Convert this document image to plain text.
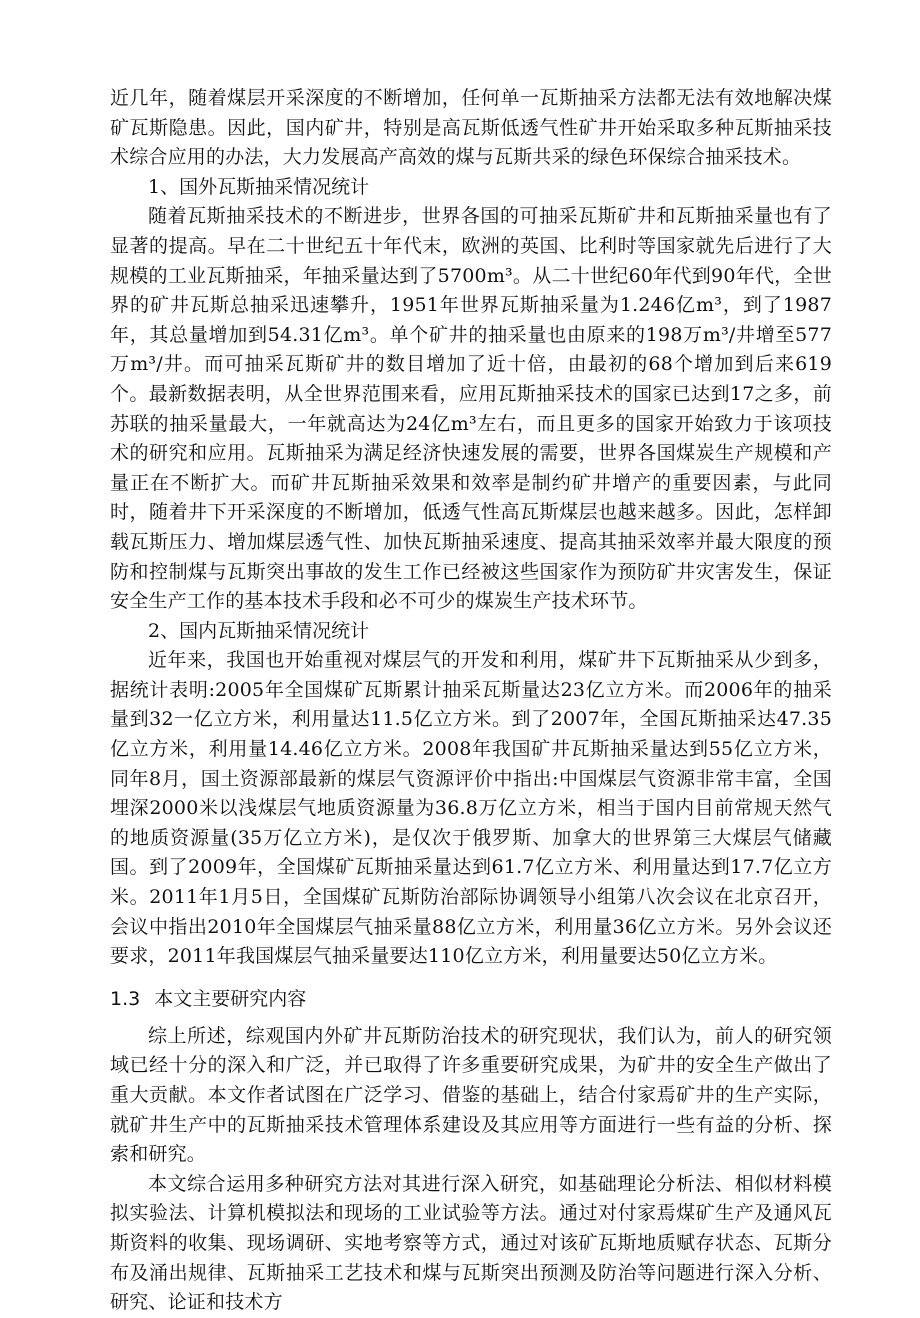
近几年，随着煤层开采深度的不断增加，任何单一瓦斯抽采方法都无法有效地解决煤矿瓦斯隐患。因此，国内矿井，特别是高瓦斯低透气性矿井开始采取多种瓦斯抽采技术综合应用的办法，大力发展高产高效的煤与瓦斯共采的绿色环保综合抽采技术。

1、国外瓦斯抽采情况统计

随着瓦斯抽采技术的不断进步，世界各国的可抽采瓦斯矿井和瓦斯抽采量也有了显著的提高。早在二十世纪五十年代末，欧洲的英国、比利时等国家就先后进行了大规模的工业瓦斯抽采，年抽采量达到了5700m³。从二十世纪60年代到90年代，全世界的矿井瓦斯总抽采迅速攀升，1951年世界瓦斯抽采量为1.246亿m³，到了1987年，其总量增加到54.31亿m³。单个矿井的抽采量也由原来的198万m³/井增至577万m³/井。而可抽采瓦斯矿井的数目增加了近十倍，由最初的68个增加到后来619个。最新数据表明，从全世界范围来看，应用瓦斯抽采技术的国家已达到17之多，前苏联的抽采量最大，一年就高达为24亿m³左右，而且更多的国家开始致力于该项技术的研究和应用。瓦斯抽采为满足经济快速发展的需要，世界各国煤炭生产规模和产量正在不断扩大。而矿井瓦斯抽采效果和效率是制约矿井增产的重要因素，与此同时，随着井下开采深度的不断增加，低透气性高瓦斯煤层也越来越多。因此，怎样卸载瓦斯压力、增加煤层透气性、加快瓦斯抽采速度、提高其抽采效率并最大限度的预防和控制煤与瓦斯突出事故的发生工作已经被这些国家作为预防矿井灾害发生，保证安全生产工作的基本技术手段和必不可少的煤炭生产技术环节。

2、国内瓦斯抽采情况统计

近年来，我国也开始重视对煤层气的开发和利用，煤矿井下瓦斯抽采从少到多，据统计表明:2005年全国煤矿瓦斯累计抽采瓦斯量达23亿立方米。而2006年的抽采量到32一亿立方米，利用量达11.5亿立方米。到了2007年，全国瓦斯抽采达47.35亿立方米，利用量14.46亿立方米。2008年我国矿井瓦斯抽采量达到55亿立方米，同年8月，国土资源部最新的煤层气资源评价中指出:中国煤层气资源非常丰富，全国埋深2000米以浅煤层气地质资源量为36.8万亿立方米，相当于国内目前常规天然气的地质资源量(35万亿立方米)，是仅次于俄罗斯、加拿大的世界第三大煤层气储藏国。到了2009年，全国煤矿瓦斯抽采量达到61.7亿立方米、利用量达到17.7亿立方米。2011年1月5日，全国煤矿瓦斯防治部际协调领导小组第八次会议在北京召开，会议中指出2010年全国煤层气抽采量88亿立方米，利用量36亿立方米。另外会议还要求，2011年我国煤层气抽采量要达110亿立方米，利用量要达50亿立方米。

1.3 本文主要研究内容

综上所述，综观国内外矿井瓦斯防治技术的研究现状，我们认为，前人的研究领域已经十分的深入和广泛，并已取得了许多重要研究成果，为矿井的安全生产做出了重大贡献。本文作者试图在广泛学习、借鉴的基础上，结合付家焉矿井的生产实际，就矿井生产中的瓦斯抽采技术管理体系建设及其应用等方面进行一些有益的分析、探索和研究。

本文综合运用多种研究方法对其进行深入研究，如基础理论分析法、相似材料模拟实验法、计算机模拟法和现场的工业试验等方法。通过对付家焉煤矿生产及通风瓦斯资料的收集、现场调研、实地考察等方式，通过对该矿瓦斯地质赋存状态、瓦斯分布及涌出规律、瓦斯抽采工艺技术和煤与瓦斯突出预测及防治等问题进行深入分析、研究、论证和技术方
